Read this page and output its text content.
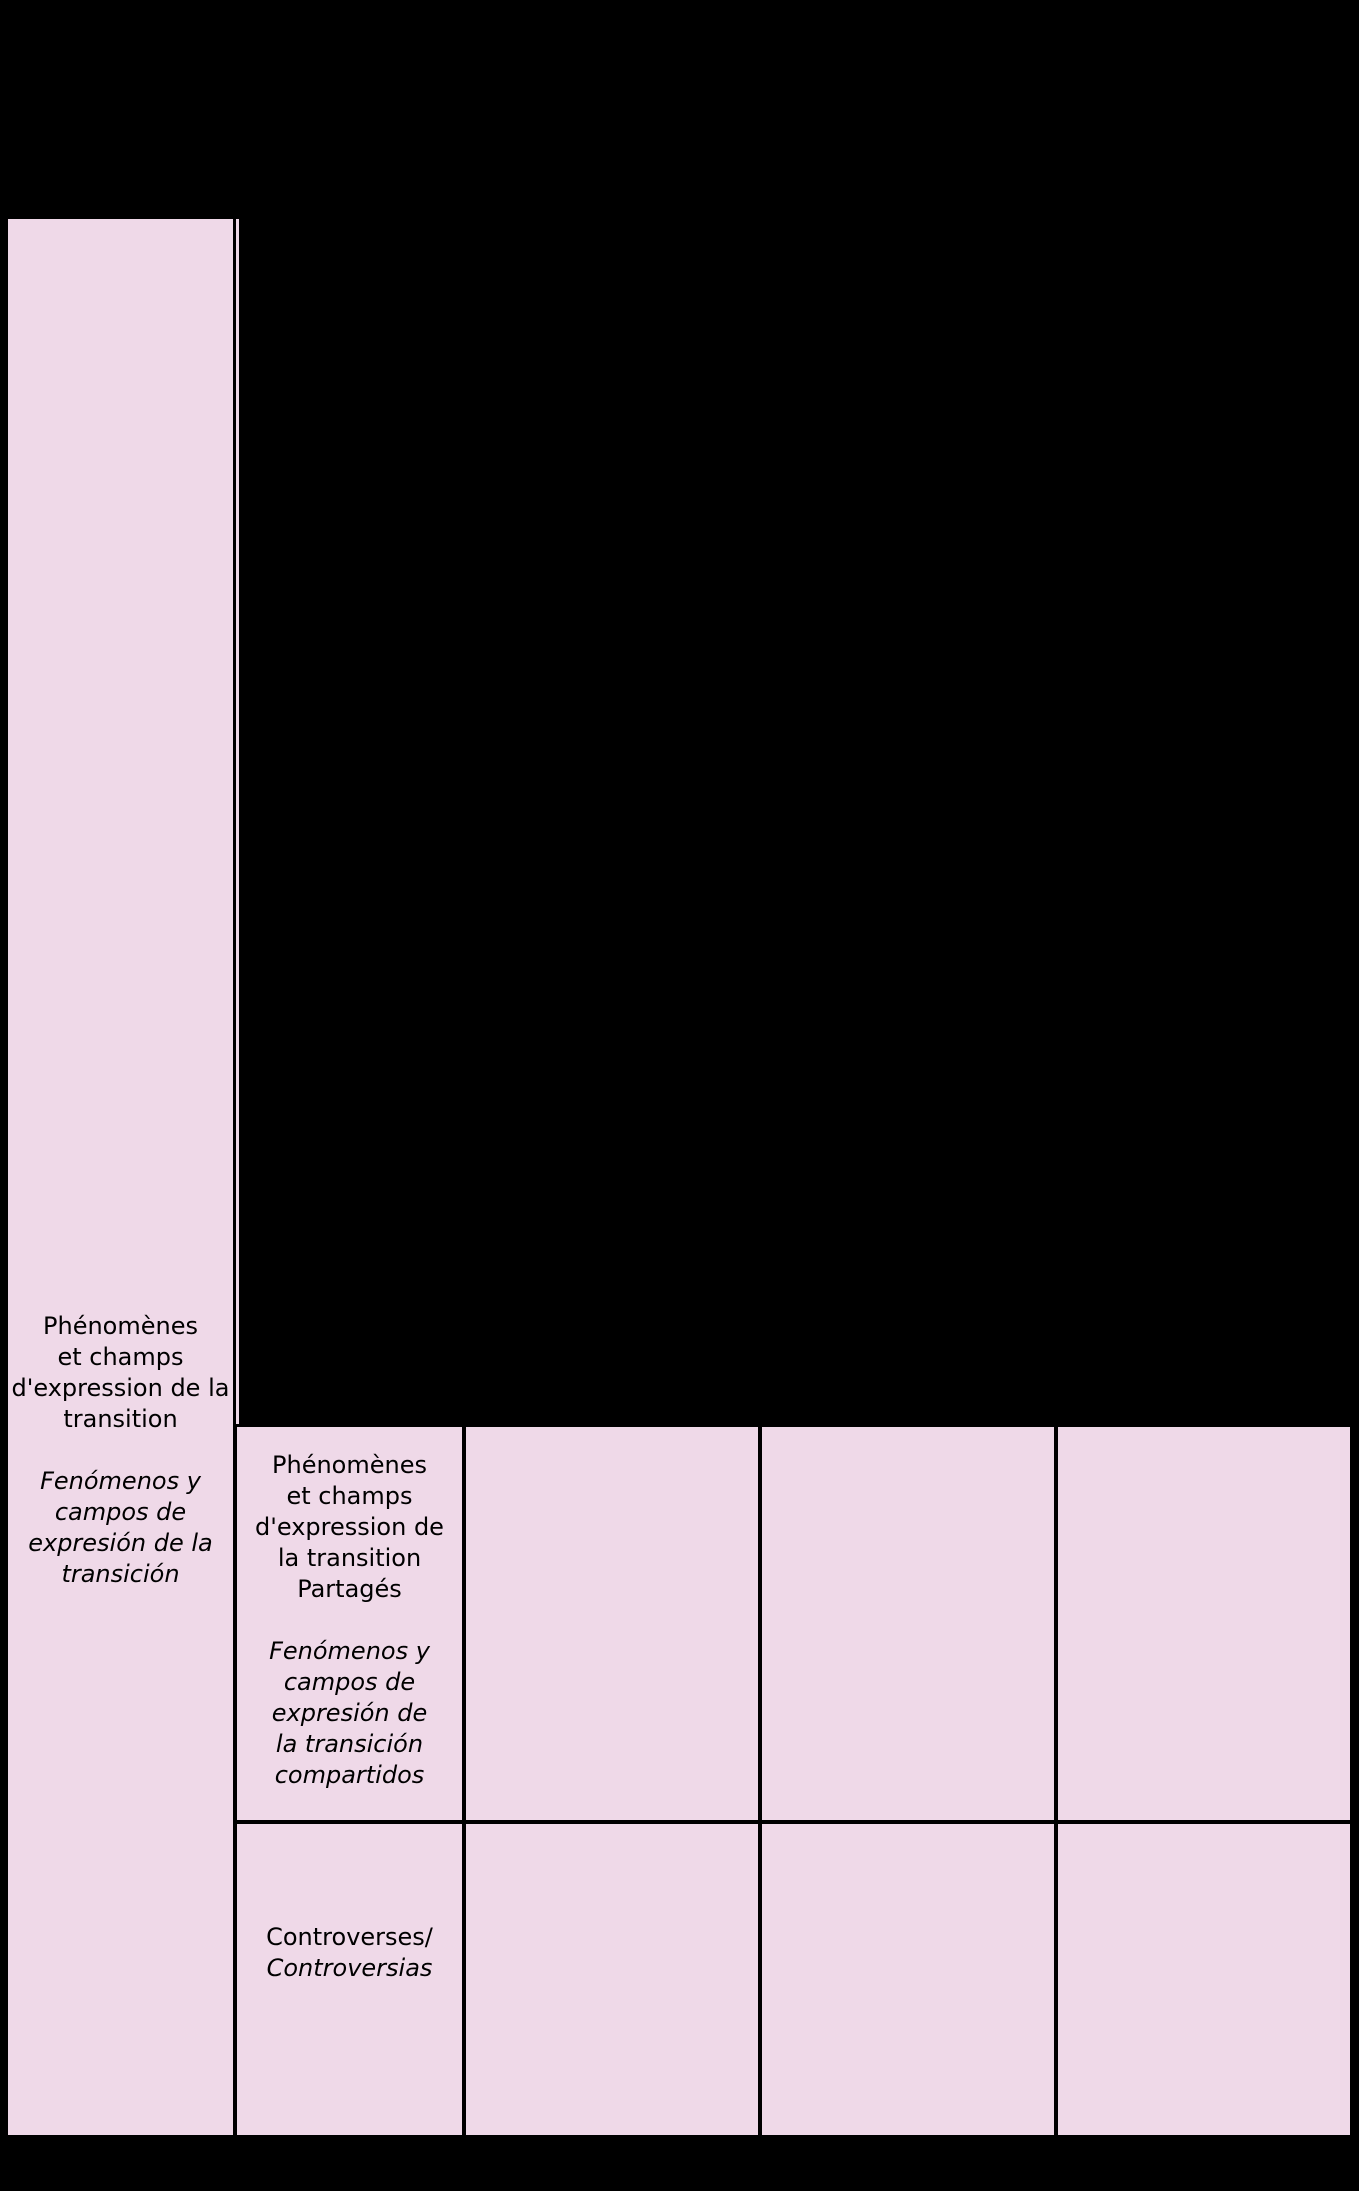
Phénomènes
et champs
d'expression de la
transition
Fenómenos y
campos de
expresión de la
transición
Phénomènes
et champs
d'expression de
la transition
Partagés
Fenómenos y
campos de
expresión de
la transición
compartidos
Controverses/
Controversias
